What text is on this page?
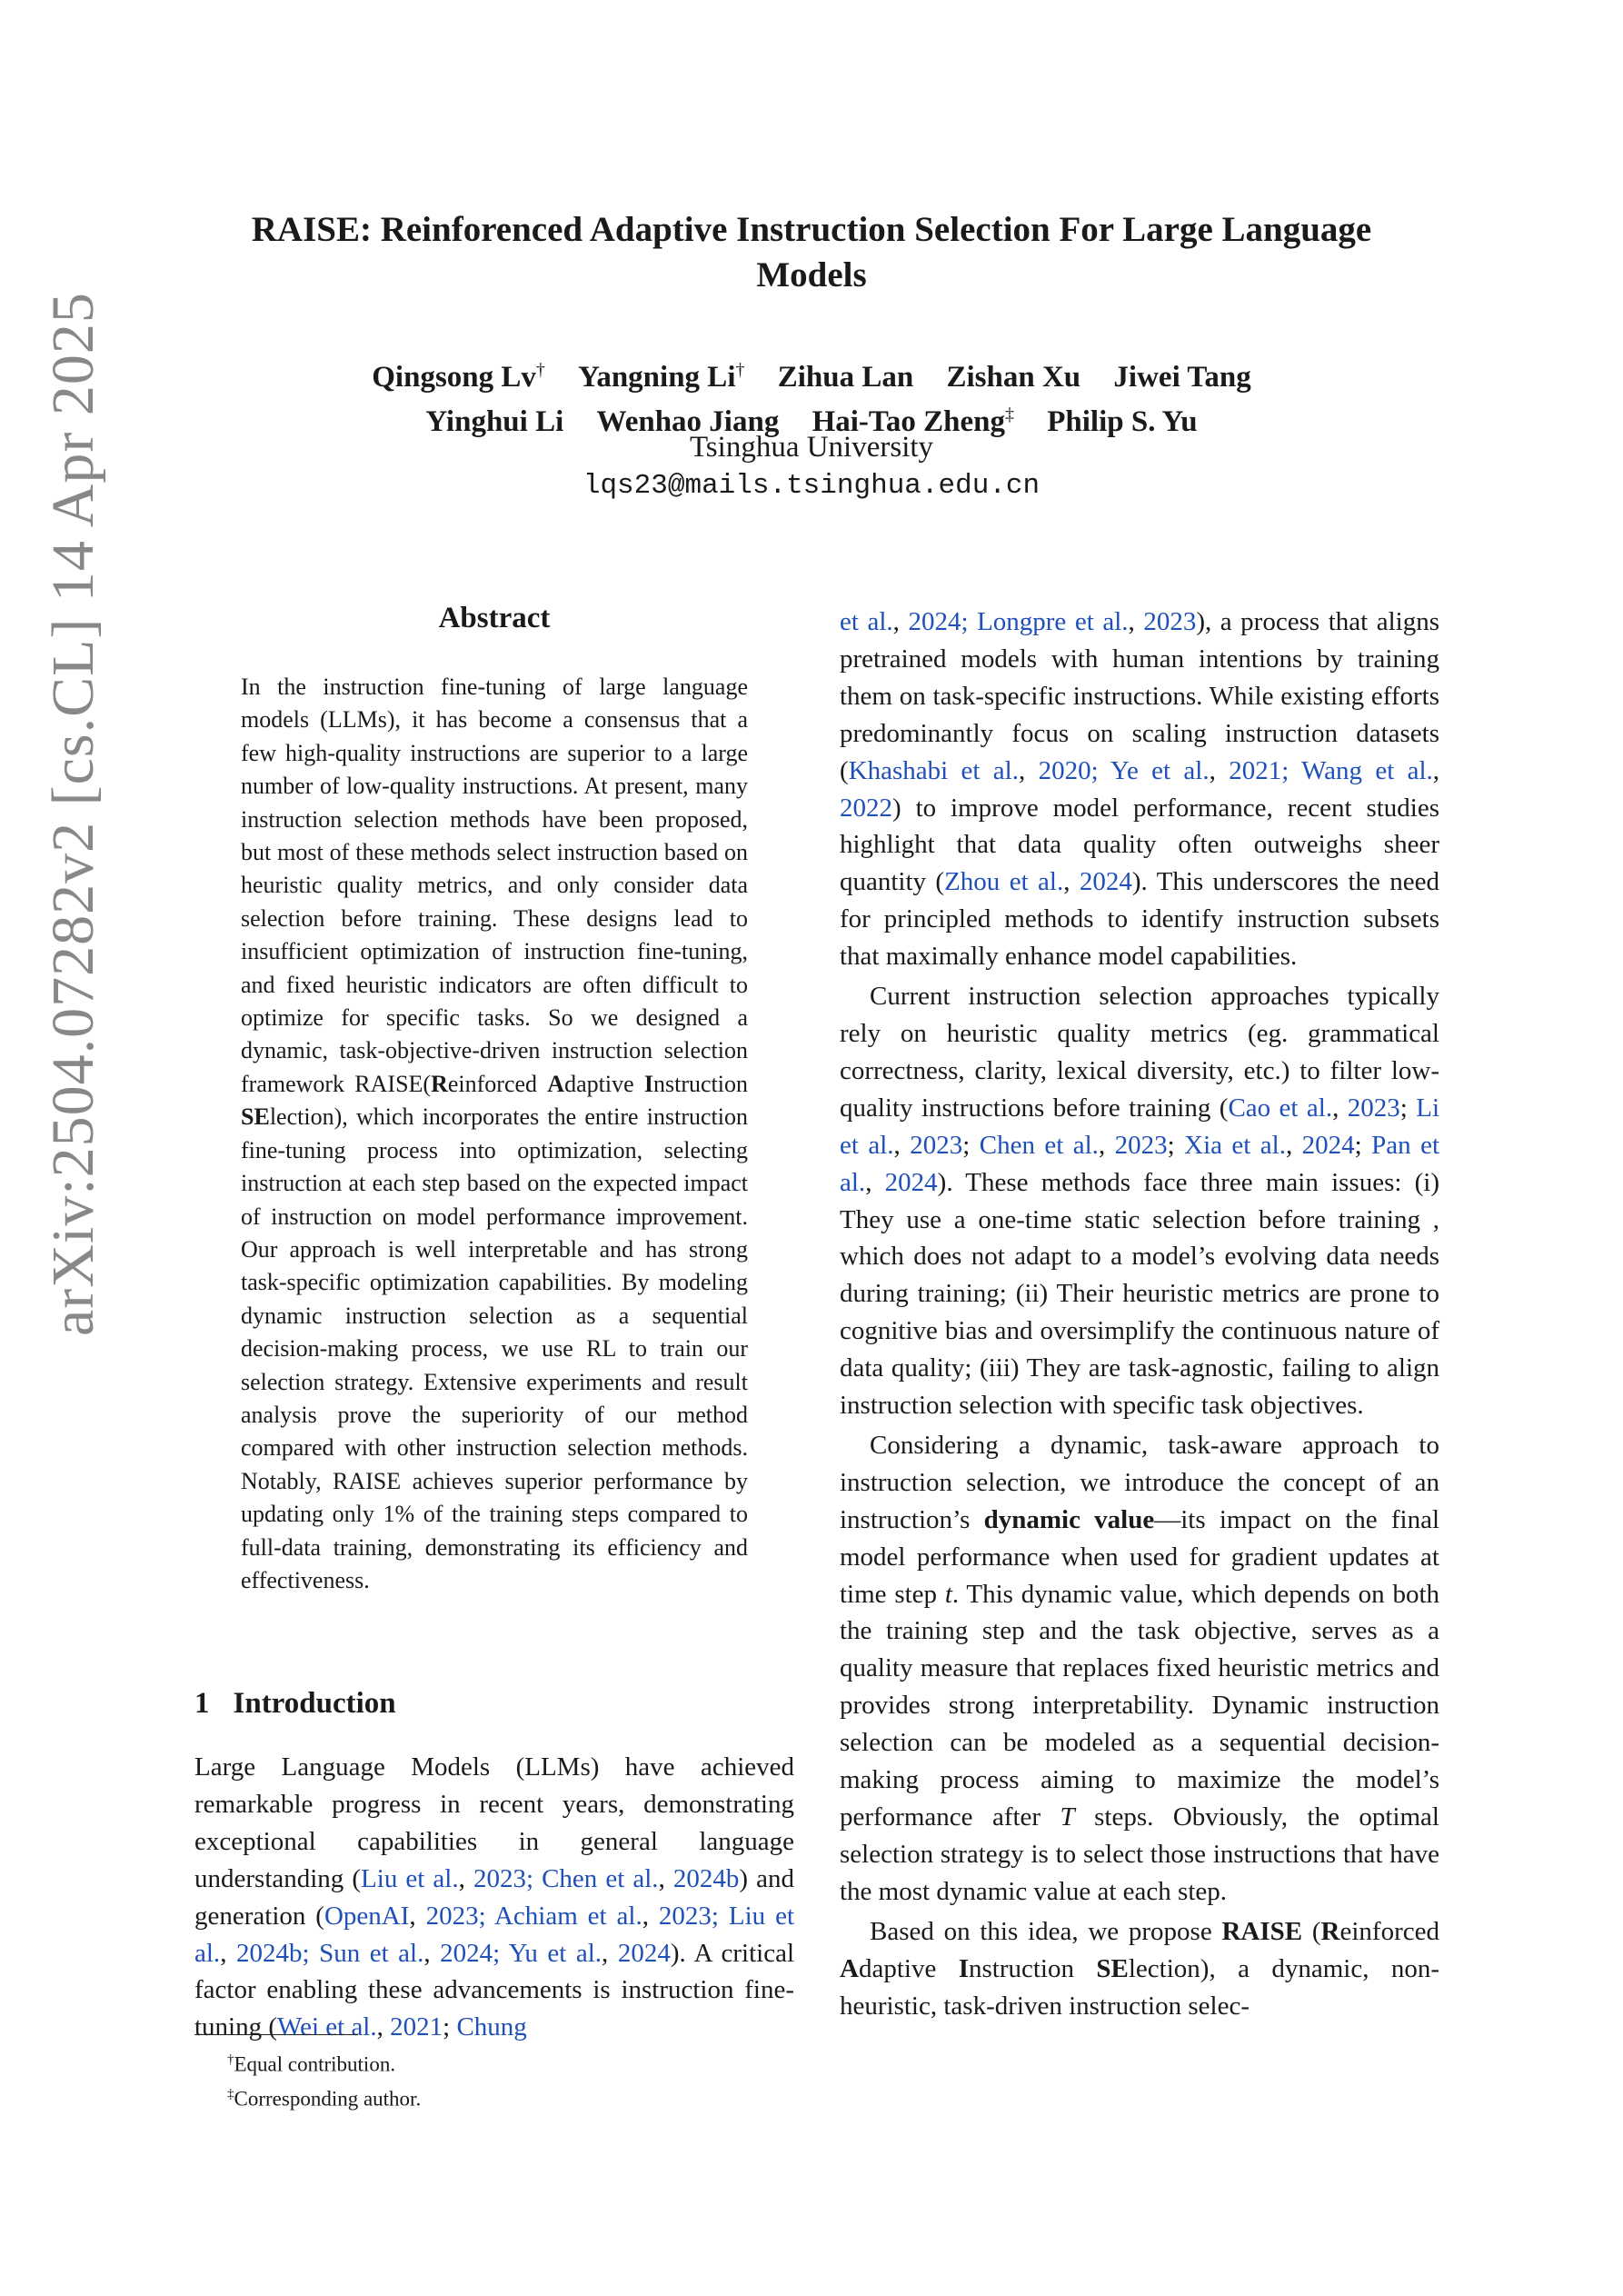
arXiv:2504.07282v2 [cs.CL] 14 Apr 2025
RAISE: Reinforenced Adaptive Instruction Selection For Large Language
Models
Qingsong Lv† Yangning Li† Zihua Lan Zishan Xu Jiwei Tang
Yinghui Li Wenhao Jiang Hai-Tao Zheng‡ Philip S. Yu
Tsinghua University
lqs23@mails.tsinghua.edu.cn
Abstract
In the instruction fine-tuning of large language models (LLMs), it has become a consensus that a few high-quality instructions are superior to a large number of low-quality instructions. At present, many instruction selection methods have been proposed, but most of these methods select instruction based on heuristic quality metrics, and only consider data selection before training. These designs lead to insufficient optimization of instruction fine-tuning, and fixed heuristic indicators are often difficult to optimize for specific tasks. So we designed a dynamic, task-objective-driven instruction selection framework RAISE(Reinforced Adaptive Instruction SElection), which incorporates the entire instruction fine-tuning process into optimization, selecting instruction at each step based on the expected impact of instruction on model performance improvement. Our approach is well interpretable and has strong task-specific optimization capabilities. By modeling dynamic instruction selection as a sequential decision-making process, we use RL to train our selection strategy. Extensive experiments and result analysis prove the superiority of our method compared with other instruction selection methods. Notably, RAISE achieves superior performance by updating only 1% of the training steps compared to full-data training, demonstrating its efficiency and effectiveness.
1 Introduction
Large Language Models (LLMs) have achieved remarkable progress in recent years, demonstrating exceptional capabilities in general language understanding (Liu et al., 2023; Chen et al., 2024b) and generation (OpenAI, 2023; Achiam et al., 2023; Liu et al., 2024b; Sun et al., 2024; Yu et al., 2024). A critical factor enabling these advancements is instruction fine-tuning (Wei et al., 2021; Chung
†Equal contribution.
‡Corresponding author.

et al., 2024; Longpre et al., 2023), a process that aligns pretrained models with human intentions by training them on task-specific instructions. While existing efforts predominantly focus on scaling instruction datasets (Khashabi et al., 2020; Ye et al., 2021; Wang et al., 2022) to improve model performance, recent studies highlight that data quality often outweighs sheer quantity (Zhou et al., 2024). This underscores the need for principled methods to identify instruction subsets that maximally enhance model capabilities.

Current instruction selection approaches typically rely on heuristic quality metrics (eg. grammatical correctness, clarity, lexical diversity, etc.) to filter low-quality instructions before training (Cao et al., 2023; Li et al., 2023; Chen et al., 2023; Xia et al., 2024; Pan et al., 2024). These methods face three main issues: (i) They use a one-time static selection before training , which does not adapt to a model’s evolving data needs during training; (ii) Their heuristic metrics are prone to cognitive bias and oversimplify the continuous nature of data quality; (iii) They are task-agnostic, failing to align instruction selection with specific task objectives.

Considering a dynamic, task-aware approach to instruction selection, we introduce the concept of an instruction’s dynamic value—its impact on the final model performance when used for gradient updates at time step t. This dynamic value, which depends on both the training step and the task objective, serves as a quality measure that replaces fixed heuristic metrics and provides strong interpretability. Dynamic instruction selection can be modeled as a sequential decision-making process aiming to maximize the model’s performance after T steps. Obviously, the optimal selection strategy is to select those instructions that have the most dynamic value at each step.

Based on this idea, we propose RAISE (Reinforced Adaptive Instruction SElection), a dynamic, non-heuristic, task-driven instruction selec-
